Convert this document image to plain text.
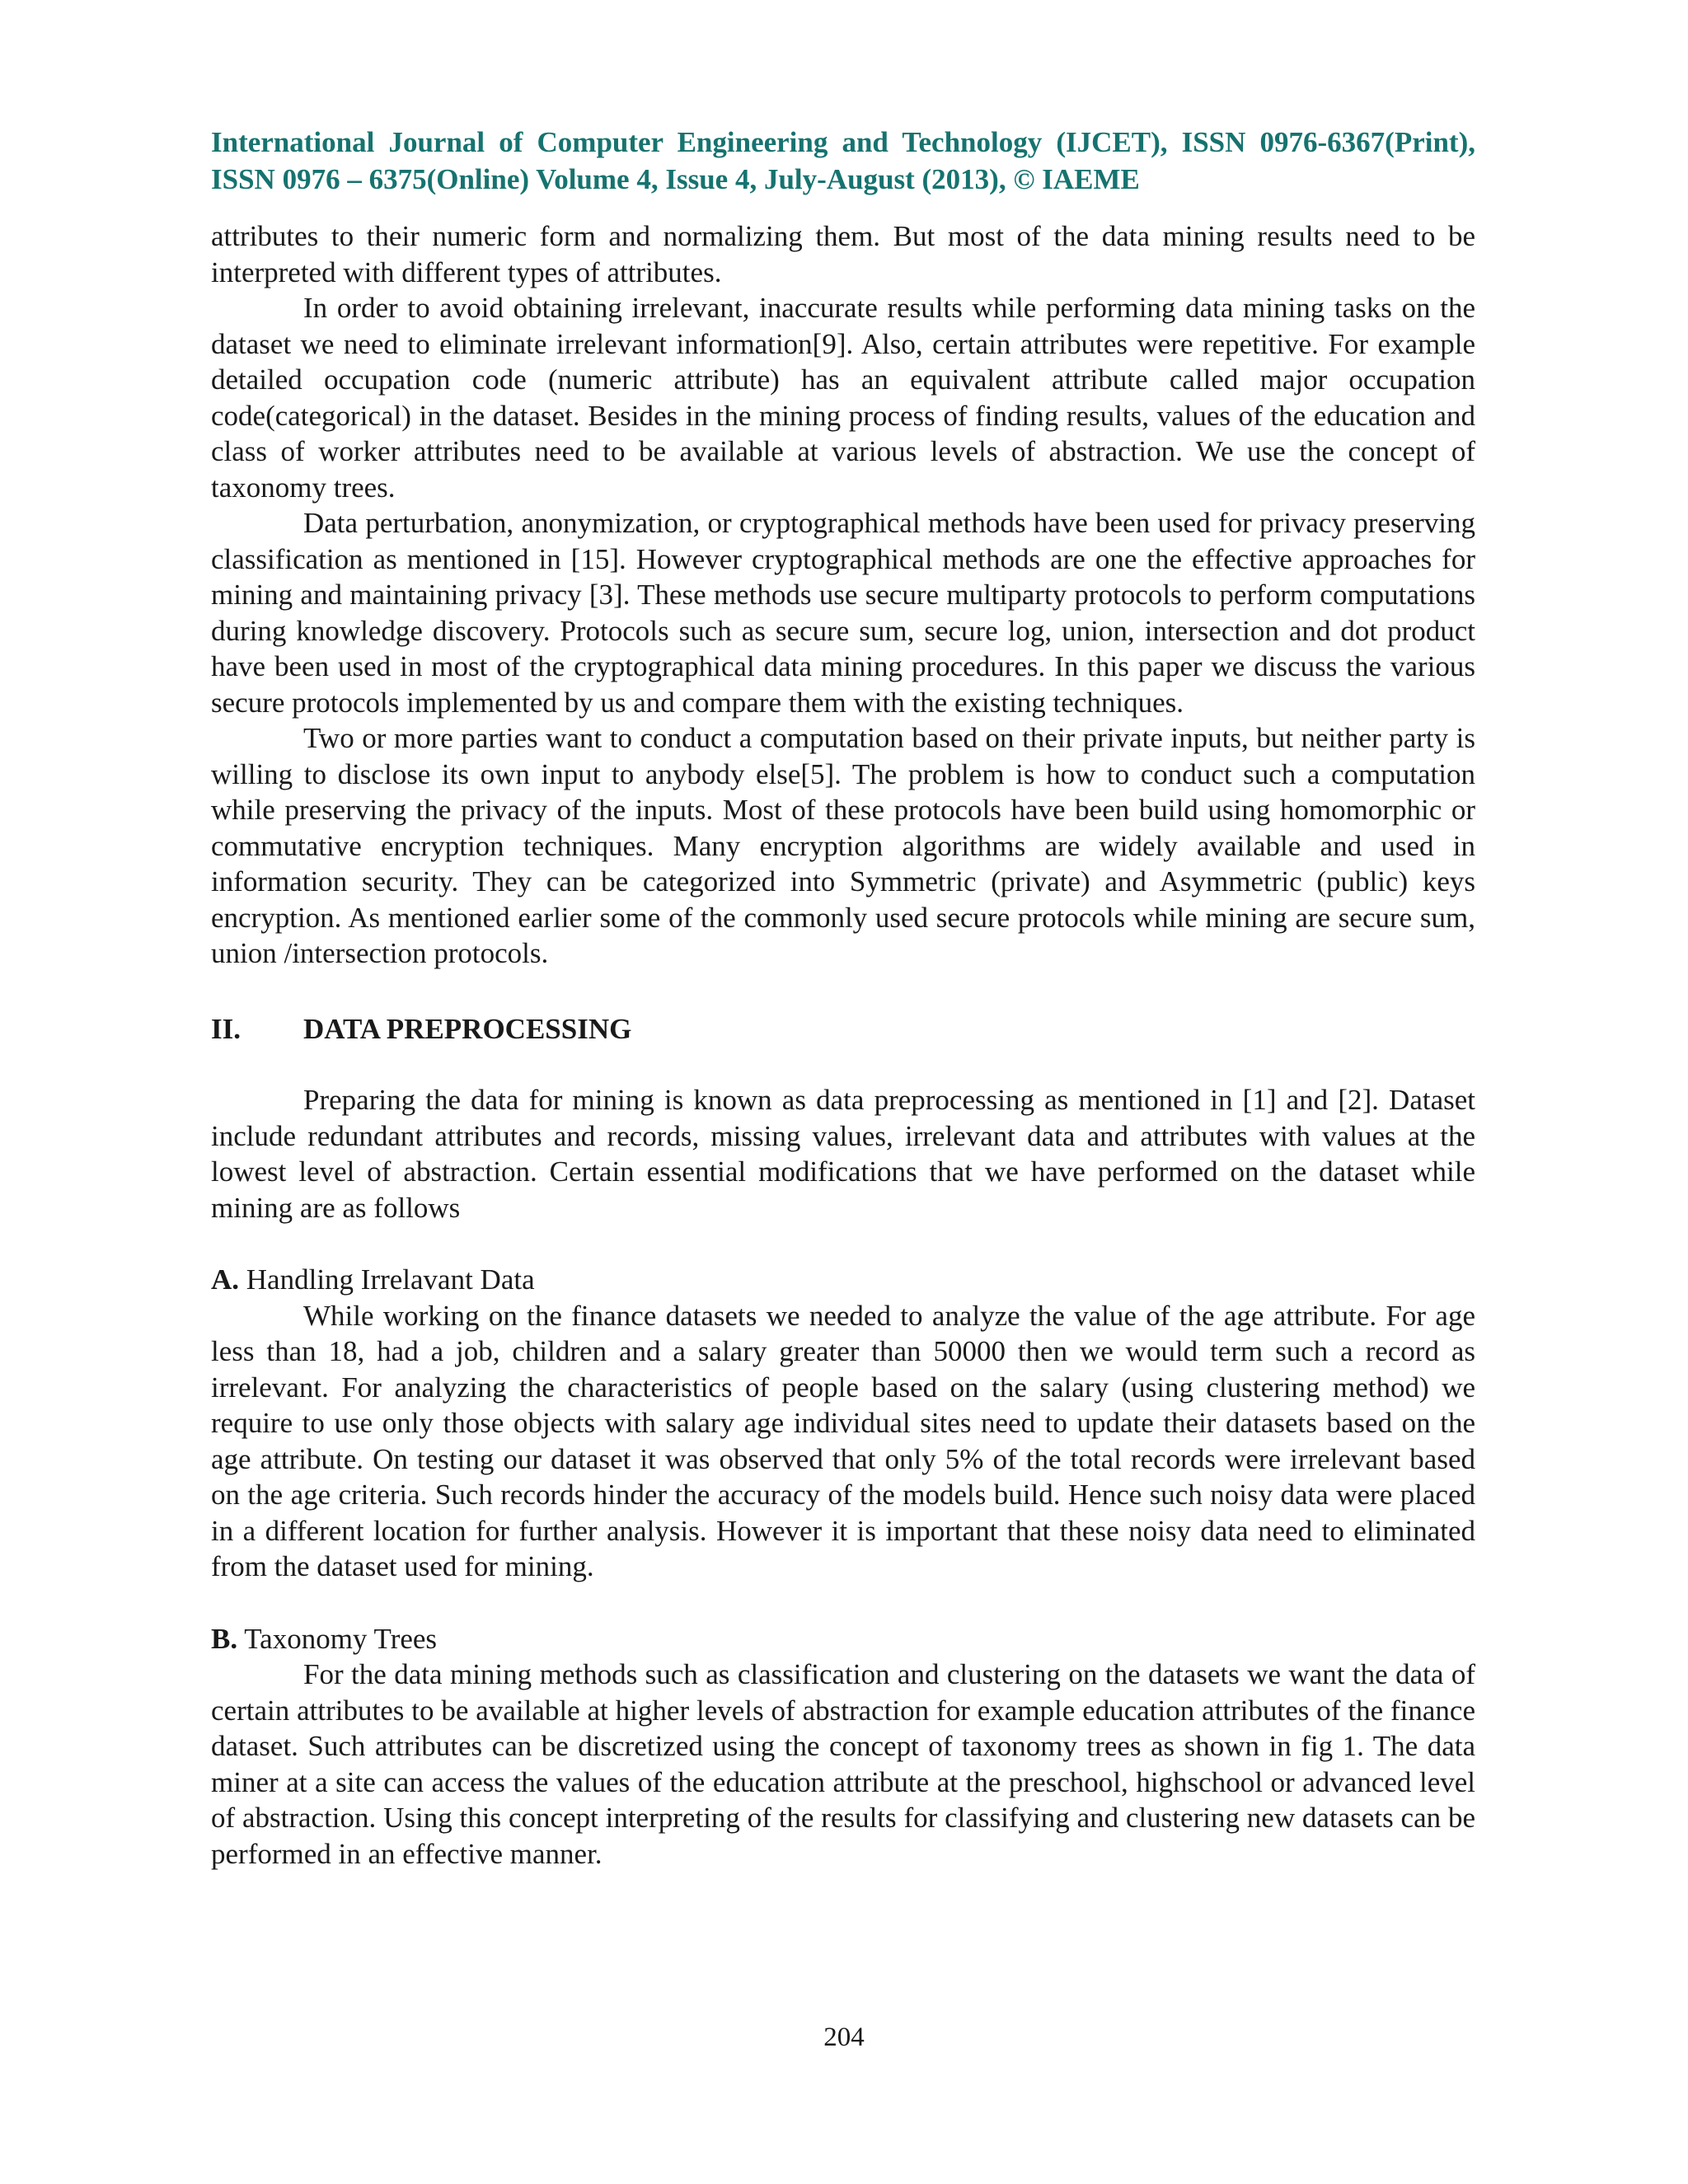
International Journal of Computer Engineering and Technology (IJCET), ISSN 0976-6367(Print), ISSN 0976 – 6375(Online) Volume 4, Issue 4, July-August (2013), © IAEME

attributes to their numeric form and normalizing them. But most of the data mining results need to be interpreted with different types of attributes.

In order to avoid obtaining irrelevant, inaccurate results while performing data mining tasks on the dataset we need to eliminate irrelevant information[9]. Also, certain attributes were repetitive. For example detailed occupation code (numeric attribute) has an equivalent attribute called major occupation code(categorical) in the dataset. Besides in the mining process of finding results, values of the education and class of worker attributes need to be available at various levels of abstraction. We use the concept of taxonomy trees.

Data perturbation, anonymization, or cryptographical methods have been used for privacy preserving classification as mentioned in [15]. However cryptographical methods are one the effective approaches for mining and maintaining privacy [3]. These methods use secure multiparty protocols to perform computations during knowledge discovery. Protocols such as secure sum, secure log, union, intersection and dot product have been used in most of the cryptographical data mining procedures. In this paper we discuss the various secure protocols implemented by us and compare them with the existing techniques.

Two or more parties want to conduct a computation based on their private inputs, but neither party is willing to disclose its own input to anybody else[5]. The problem is how to conduct such a computation while preserving the privacy of the inputs. Most of these protocols have been build using homomorphic or commutative encryption techniques. Many encryption algorithms are widely available and used in information security. They can be categorized into Symmetric (private) and Asymmetric (public) keys encryption. As mentioned earlier some of the commonly used secure protocols while mining are secure sum, union /intersection protocols.

II.	DATA PREPROCESSING

Preparing the data for mining is known as data preprocessing as mentioned in [1] and [2]. Dataset include redundant attributes and records, missing values, irrelevant data and attributes with values at the lowest level of abstraction. Certain essential modifications that we have performed on the dataset while mining are as follows

A. Handling Irrelavant Data

While working on the finance datasets we needed to analyze the value of the age attribute. For age less than 18, had a job, children and a salary greater than 50000 then we would term such a record as irrelevant. For analyzing the characteristics of people based on the salary (using clustering method) we require to use only those objects with salary age individual sites need to update their datasets based on the age attribute. On testing our dataset it was observed that only 5% of the total records were irrelevant based on the age criteria. Such records hinder the accuracy of the models build. Hence such noisy data were placed in a different location for further analysis. However it is important that these noisy data need to eliminated from the dataset used for mining.

B. Taxonomy Trees

For the data mining methods such as classification and clustering on the datasets we want the data of certain attributes to be available at higher levels of abstraction for example education attributes of the finance dataset. Such attributes can be discretized using the concept of taxonomy trees as shown in fig 1. The data miner at a site can access the values of the education attribute at the preschool, highschool or advanced level of abstraction. Using this concept interpreting of the results for classifying and clustering new datasets can be performed in an effective manner.

204
